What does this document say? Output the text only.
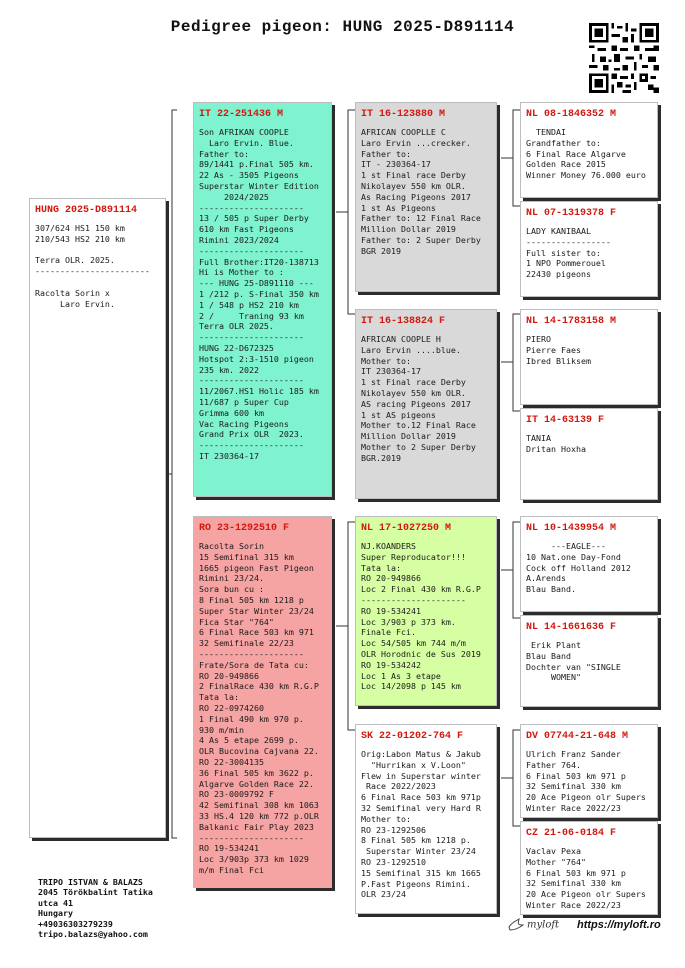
Pedigree pigeon: HUNG 2025-D891114
HUNG 2025-D891114
307/624 HS1 150 km
210/543 HS2 210 km

Terra OLR. 2025.
-----------------------

Racolta Sorin x
Laro Ervin.
IT 22-251436 M
Son AFRIKAN COOPLE
Laro Ervin. Blue.
Father to:
89/1441 p.Final 505 km.
22 As - 3505 Pigeons
Superstar Winter Edition
2024/2025
---------------------
13 / 505 p Super Derby
610 km Fast Pigeons
Rimini 2023/2024
---------------------
Full Brother:IT20-138713
Hi is Mother to :
--- HUNG 25-D891110 ---
1 /212 p. S-Final 350 km
1 / 548 p HS2 210 km
2 /     Traning 93 km
Terra OLR 2025.
---------------------
HUNG 22-D672325
Hotspot 2:3-1510 pigeon
235 km. 2022
---------------------
11/2067.HS1 Holic 185 km
11/687 p Super Cup
Grimma 600 km
Vac Racing Pigeons
Grand Prix OLR  2023.
---------------------
IT 230364-17
RO 23-1292510 F
Racolta Sorin
15 Semifinal 315 km
1665 pigeon Fast Pigeon
Rimini 23/24.
Sora bun cu :
8 Final 505 km 1218 p
Super Star Winter 23/24
Fica Star "764"
6 Final Race 503 km 971
32 Semifinale 22/23
---------------------
Frate/Sora de Tata cu:
RO 20-949866
2 FinalRace 430 km R.G.P
Tata la:
RO 22-0974260
1 Final 490 km 970 p.
930 m/min
4 As 5 etape 2699 p.
OLR Bucovina Cajvana 22.
RO 22-3004135
36 Final 505 km 3622 p.
Algarve Golden Race 22.
RO 23-0009792 F
42 Semifinal 308 km 1063
33 HS.4 120 km 772 p.OLR
Balkanic Fair Play 2023
---------------------
RO 19-534241
Loc 3/903p 373 km 1029
m/m Final Fci
IT 16-123880 M
AFRICAN COOPLLE C
Laro Ervin ...crecker.
Father to:
IT - 230364-17
1 st Final race Derby
Nikolayev 550 km OLR.
As Racing Pigeons 2017
1 st As Pigeons
Father to: 12 Final Race
Million Dollar 2019
Father to: 2 Super Derby
BGR 2019
IT 16-138824 F
AFRICAN COOPLE H
Laro Ervin ....blue.
Mother to:
IT 230364-17
1 st Final race Derby
Nikolayev 550 km OLR.
AS racing Pigeons 2017
1 st AS pigeons
Mother to.12 Final Race
Million Dollar 2019
Mother to 2 Super Derby
BGR.2019
NL 17-1027250 M
NJ.KOANDERS
Super Reproducator!!!
Tata la:
RO 20-949866
Loc 2 Final 430 km R.G.P
---------------------
RO 19-534241
Loc 3/903 p 373 km.
Finale Fci.
Loc 54/505 km 744 m/m
OLR Horodnic de Sus 2019
RO 19-534242
Loc 1 As 3 etape
Loc 14/2098 p 145 km
SK 22-01202-764 F
Orig:Labon Matus & Jakub
"Hurrikan x V.Loon"
Flew in Superstar winter
Race 2022/2023
6 Final Race 503 km 971p
32 Semifinal very Hard R
Mother to:
RO 23-1292506
8 Final 505 km 1218 p.
Superstar Winter 23/24
RO 23-1292510
15 Semifinal 315 km 1665
P.Fast Pigeons Rimini.
OLR 23/24
NL 08-1846352 M
TENDAI
Grandfather to:
6 Final Race Algarve
Golden Race 2015
Winner Money 76.000 euro
NL 07-1319378 F
LADY KANIBAAL
-----------------
Full sister to:
1 NPO Pommerouel
22430 pigeons
NL 14-1783158 M
PIERO
Pierre Faes
Ibred Bliksem
IT 14-63139 F
TANIA
Dritan Hoxha
NL 10-1439954 M
---EAGLE---
10 Nat.one Day-Fond
Cock off Holland 2012
A.Arends
Blau Band.
NL 14-1661636 F
Erik Plant
Blau Band
Dochter van "SINGLE
WOMEN"
DV 07744-21-648 M
Ulrich Franz Sander
Father 764.
6 Final 503 km 971 p
32 Semifinal 330 km
20 Ace Pigeon olr Supers
Winter Race 2022/23
CZ 21-06-0184 F
Vaclav Pexa
Mother "764"
6 Final 503 km 971 p
32 Semifinal 330 km
20 Ace Pigeon olr Supers
Winter Race 2022/23
TRIPO ISTVAN & BALAZS
2045 Törökbalint Tatika
utca 41
Hungary
+49036303279239
tripo.balazs@yahoo.com
myloft https://myloft.ro
